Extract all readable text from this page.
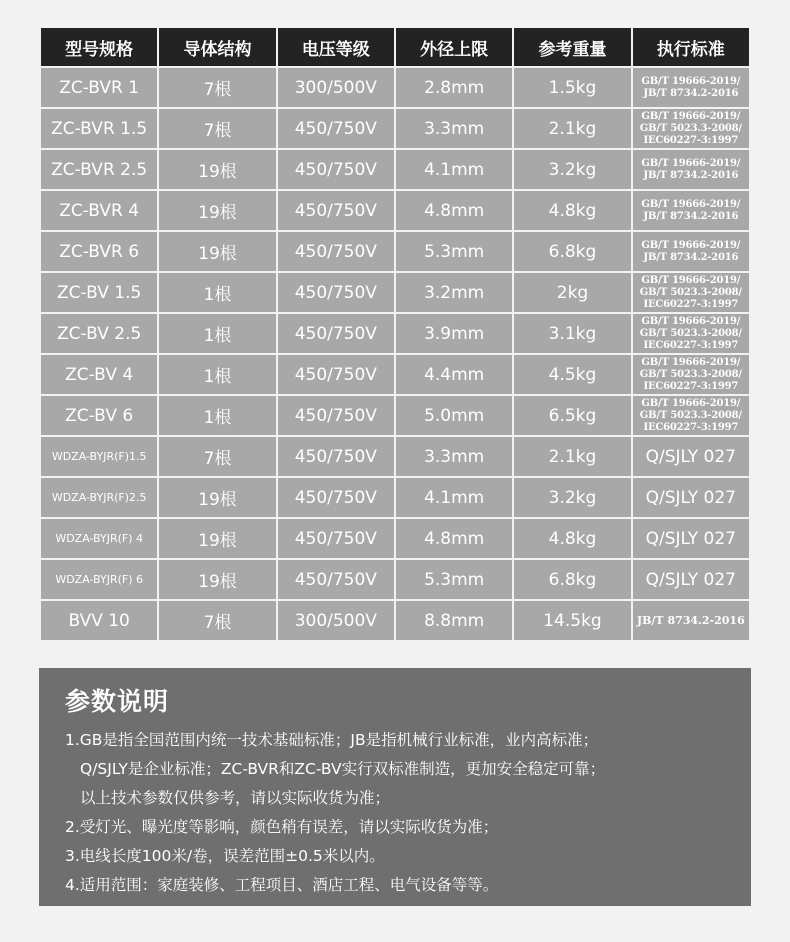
型号规格	导体结构	电压等级	外径上限	参考重量	执行标准
ZC-BVR 1	7根	300/500V	2.8mm	1.5kg	GB/T 19666-2019/
JB/T 8734.2-2016

ZC-BVR 1.5	7根	450/750V	3.3mm	2.1kg	GB/T 19666-2019/
GB/T 5023.3-2008/
IEC60227-3:1997

ZC-BVR 2.5	19根	450/750V	4.1mm	3.2kg	GB/T 19666-2019/
JB/T 8734.2-2016

ZC-BVR 4	19根	450/750V	4.8mm	4.8kg	GB/T 19666-2019/
JB/T 8734.2-2016

ZC-BVR 6	19根	450/750V	5.3mm	6.8kg	GB/T 19666-2019/
JB/T 8734.2-2016

ZC-BV 1.5	1根	450/750V	3.2mm	2kg	GB/T 19666-2019/
GB/T 5023.3-2008/
IEC60227-3:1997

ZC-BV 2.5	1根	450/750V	3.9mm	3.1kg	GB/T 19666-2019/
GB/T 5023.3-2008/
IEC60227-3:1997

ZC-BV 4	1根	450/750V	4.4mm	4.5kg	GB/T 19666-2019/
GB/T 5023.3-2008/
IEC60227-3:1997

ZC-BV 6	1根	450/750V	5.0mm	6.5kg	GB/T 19666-2019/
GB/T 5023.3-2008/
IEC60227-3:1997

WDZA-BYJR(F)1.5	7根	450/750V	3.3mm	2.1kg	Q/SJLY 027
WDZA-BYJR(F)2.5	19根	450/750V	4.1mm	3.2kg	Q/SJLY 027
WDZA-BYJR(F) 4	19根	450/750V	4.8mm	4.8kg	Q/SJLY 027
WDZA-BYJR(F) 6	19根	450/750V	5.3mm	6.8kg	Q/SJLY 027
BVV 10	7根	300/500V	8.8mm	14.5kg	JB/T 8734.2-2016
参数说明
1.GB是指全国范围内统一技术基础标准；JB是指机械行业标准，业内高标准；
Q/SJLY是企业标准；ZC-BVR和ZC-BV实行双标准制造，更加安全稳定可靠；
以上技术参数仅供参考，请以实际收货为准；
2.受灯光、曝光度等影响，颜色稍有误差，请以实际收货为准；
3.电线长度100米/卷，误差范围±0.5米以内。
4.适用范围：家庭装修、工程项目、酒店工程、电气设备等等。
